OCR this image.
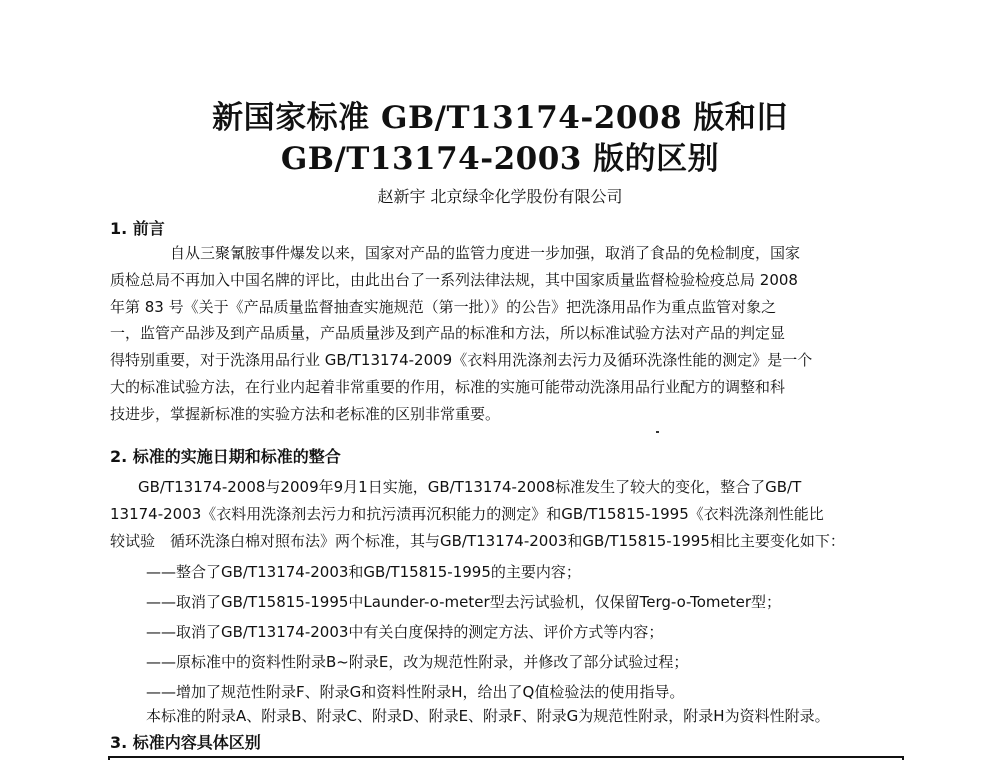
新国家标准 GB/T13174-2008 版和旧
GB/T13174-2003 版的区别
赵新宇 北京绿伞化学股份有限公司
1. 前言
自从三聚氰胺事件爆发以来，国家对产品的监管力度进一步加强，取消了食品的免检制度，国家
质检总局不再加入中国名牌的评比，由此出台了一系列法律法规，其中国家质量监督检验检疫总局 2008
年第 83 号《关于《产品质量监督抽查实施规范（第一批）》的公告》把洗涤用品作为重点监管对象之
一，监管产品涉及到产品质量，产品质量涉及到产品的标准和方法，所以标准试验方法对产品的判定显
得特别重要，对于洗涤用品行业 GB/T13174-2009《衣料用洗涤剂去污力及循环洗涤性能的测定》是一个
大的标准试验方法，在行业内起着非常重要的作用，标准的实施可能带动洗涤用品行业配方的调整和科
技进步，掌握新标准的实验方法和老标准的区别非常重要。
2. 标准的实施日期和标准的整合
GB/T13174-2008与2009年9月1日实施，GB/T13174-2008标准发生了较大的变化，整合了GB/T
13174-2003《衣料用洗涤剂去污力和抗污渍再沉积能力的测定》和GB/T15815-1995《衣料洗涤剂性能比
较试验　循环洗涤白棉对照布法》两个标准，其与GB/T13174-2003和GB/T15815-1995相比主要变化如下：
——整合了GB/T13174-2003和GB/T15815-1995的主要内容；
——取消了GB/T15815-1995中Launder-o-meter型去污试验机，仅保留Terg-o-Tometer型；
——取消了GB/T13174-2003中有关白度保持的测定方法、评价方式等内容；
——原标准中的资料性附录B~附录E，改为规范性附录，并修改了部分试验过程；
——增加了规范性附录F、附录G和资料性附录H，给出了Q值检验法的使用指导。
本标准的附录A、附录B、附录C、附录D、附录E、附录F、附录G为规范性附录，附录H为资料性附录。
3. 标准内容具体区别
